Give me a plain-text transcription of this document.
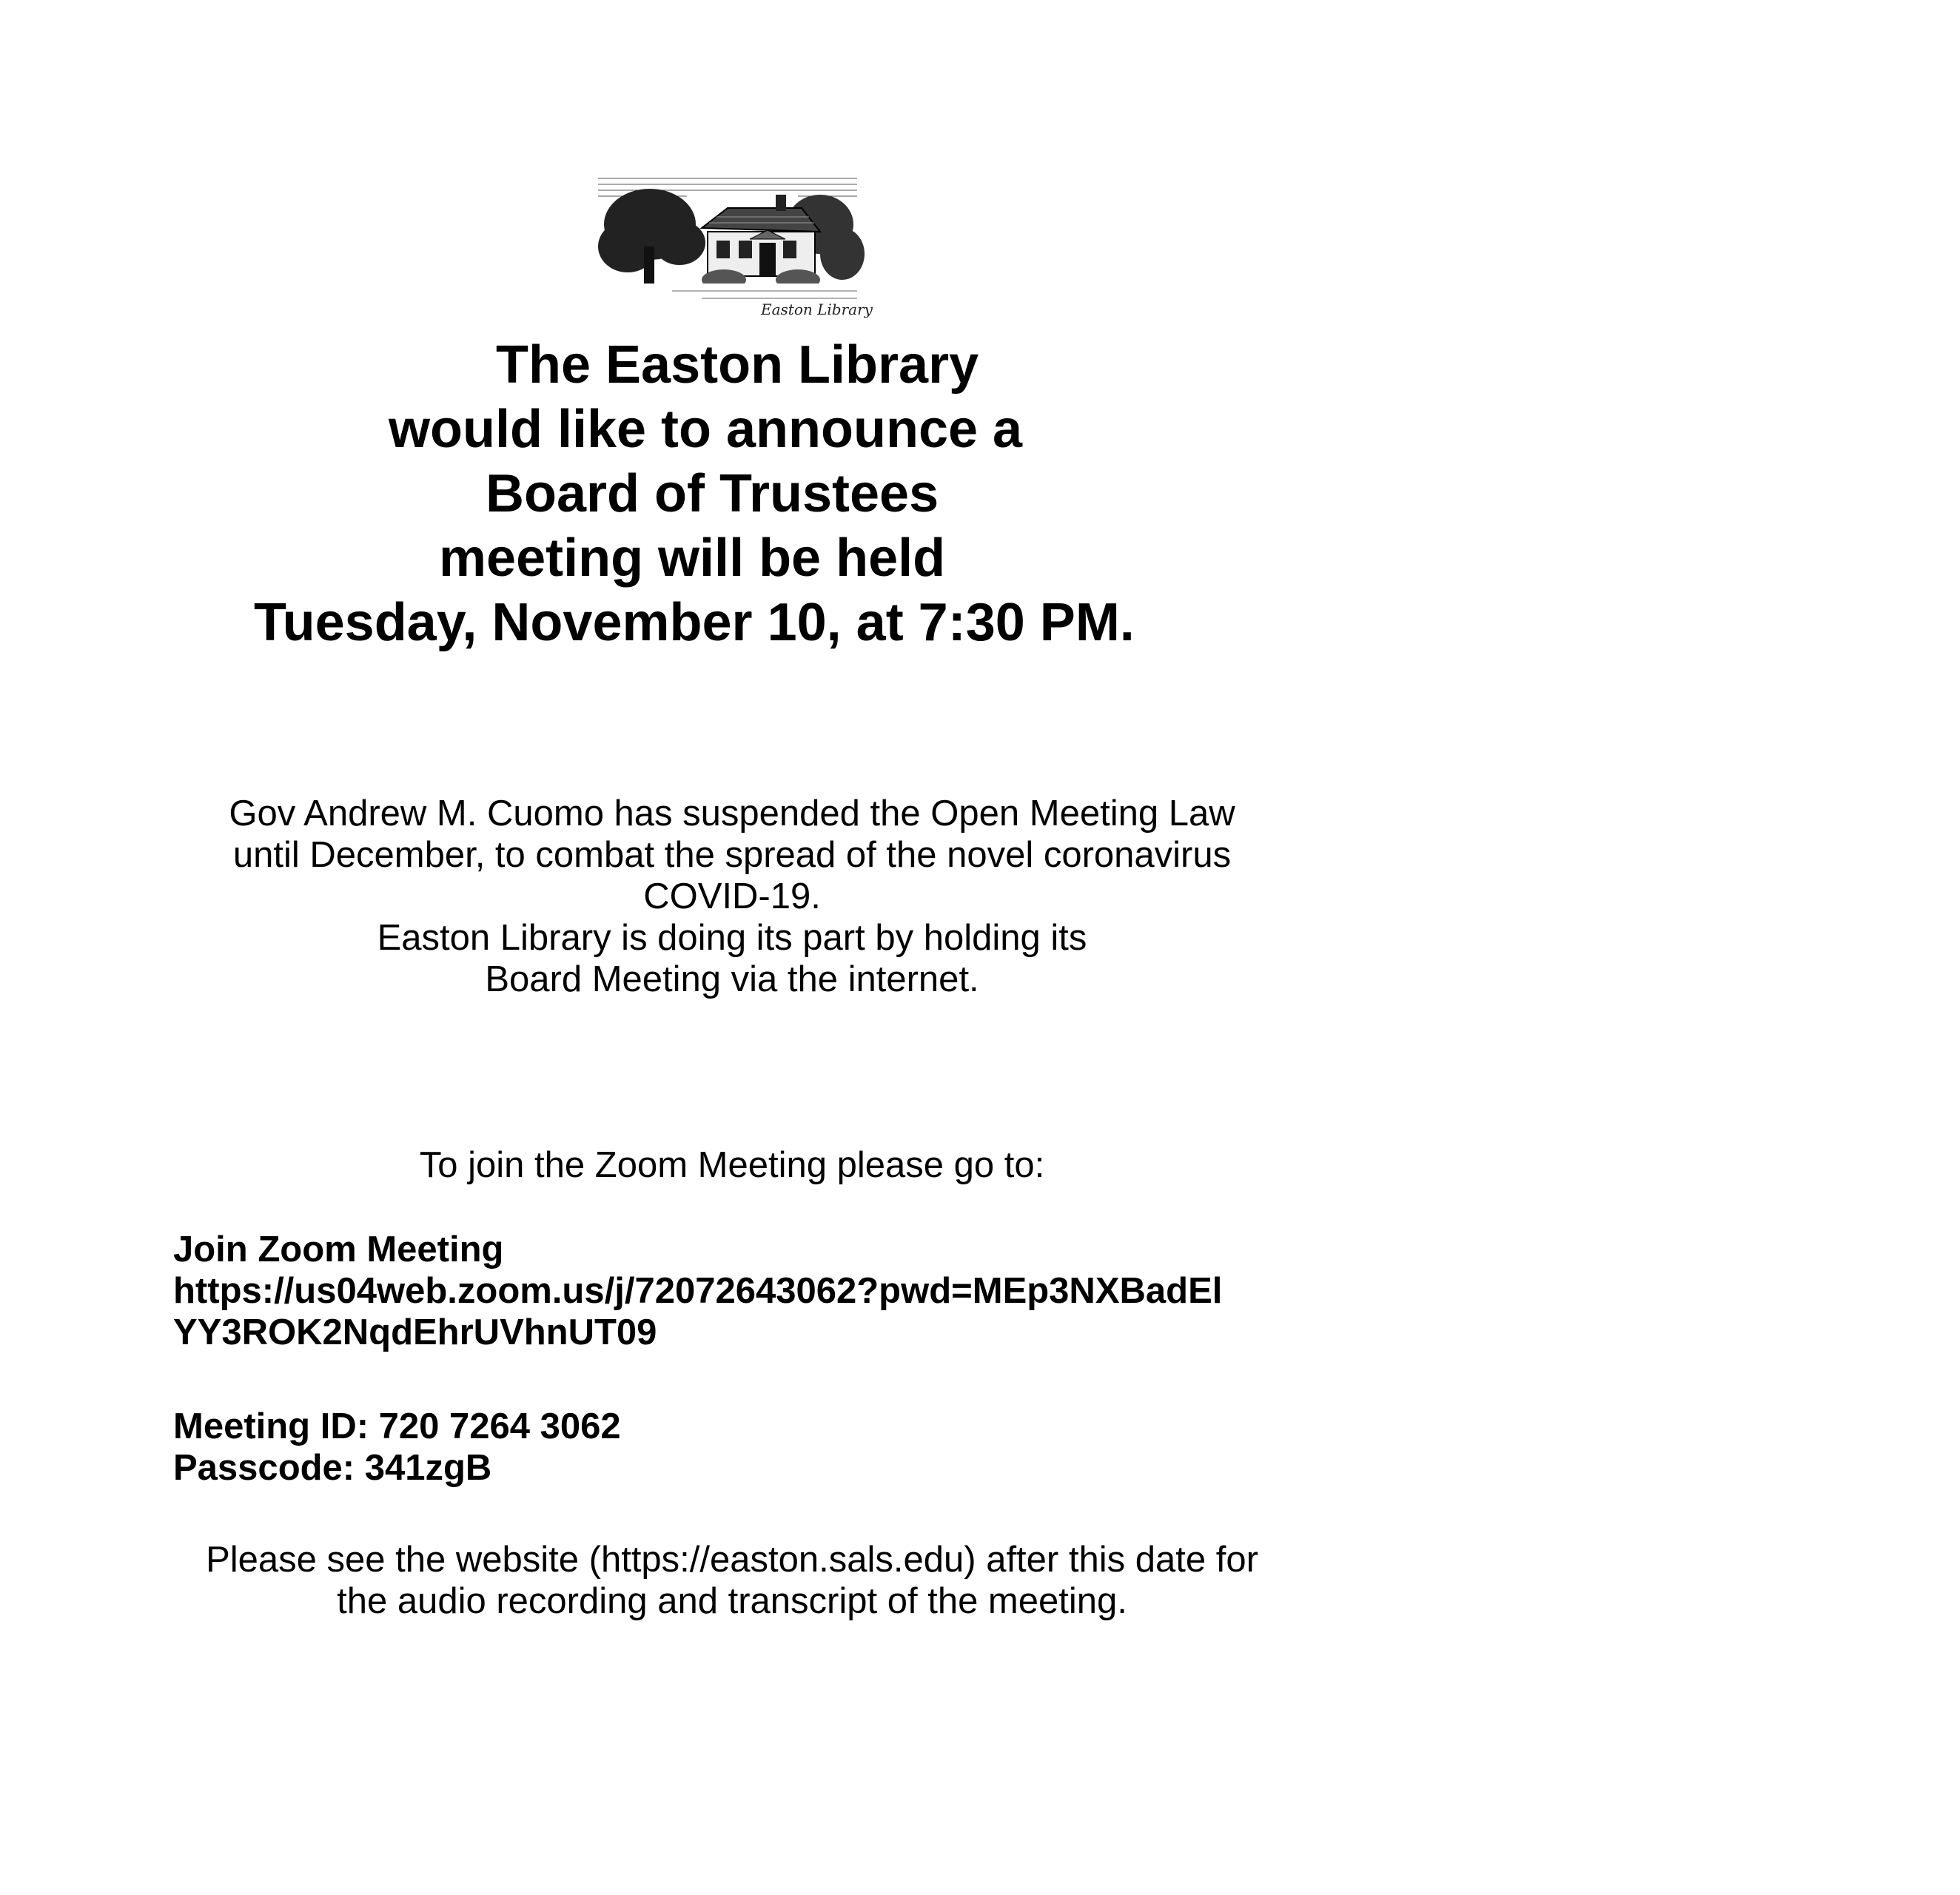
Easton Library
The Easton Library
would like to announce a
Board of Trustees
meeting will be held
Tuesday, November 10, at 7:30 PM.

Gov Andrew M. Cuomo has suspended the Open Meeting Law
until December, to combat the spread of the novel coronavirus
COVID-19.
Easton Library is doing its part by holding its
Board Meeting via the internet.

To join the Zoom Meeting please go to:

Join Zoom Meeting
https://us04web.zoom.us/j/72072643062?pwd=MEp3NXBadEl
YY3ROK2NqdEhrUVhnUT09
Meeting ID: 720 7264 3062
Passcode: 341zgB

Please see the website (https://easton.sals.edu) after this date for
the audio recording and transcript of the meeting.
